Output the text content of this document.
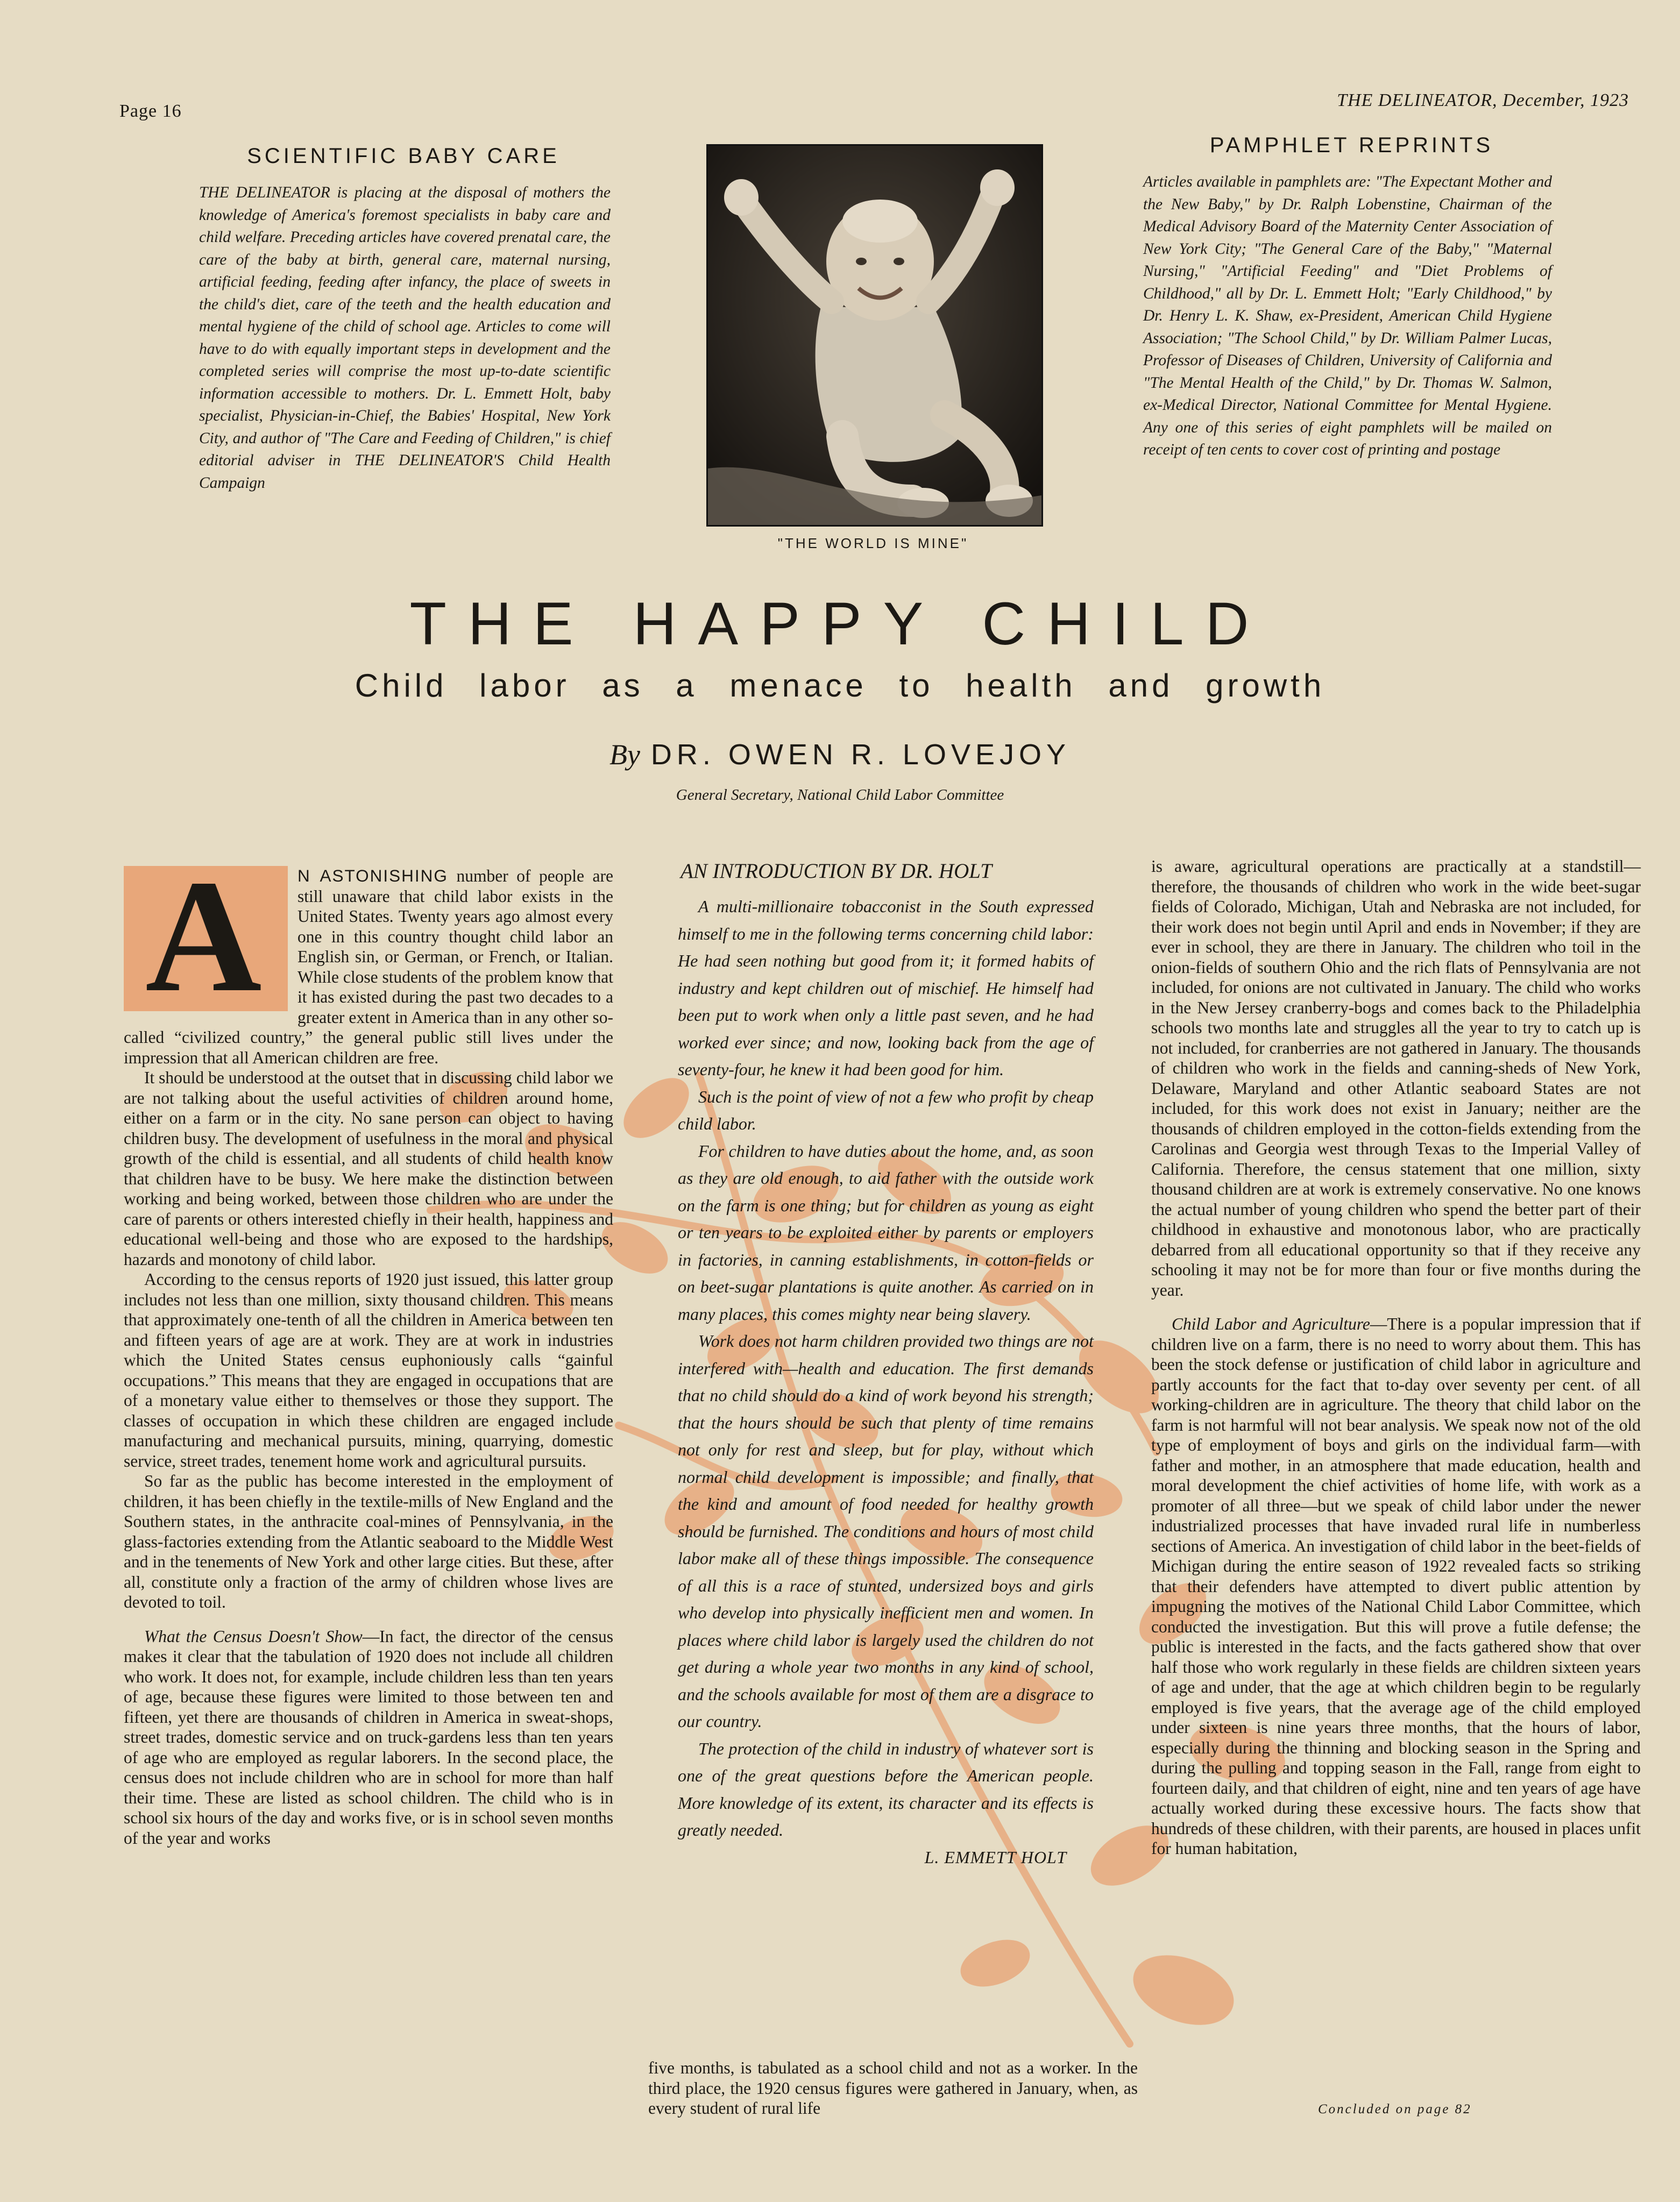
Page 16
THE DELINEATOR, December, 1923
SCIENTIFIC BABY CARE
THE DELINEATOR is placing at the disposal of mothers the knowledge of America's foremost specialists in baby care and child welfare. Preceding articles have covered prenatal care, the care of the baby at birth, general care, maternal nursing, artificial feeding, feeding after infancy, the place of sweets in the child's diet, care of the teeth and the health education and mental hygiene of the child of school age. Articles to come will have to do with equally important steps in development and the completed series will comprise the most up-to-date scientific information accessible to mothers. Dr. L. Emmett Holt, baby specialist, Physician-in-Chief, the Babies' Hospital, New York City, and author of "The Care and Feeding of Children," is chief editorial adviser in THE DELINEATOR'S Child Health Campaign
"THE WORLD IS MINE"
PAMPHLET REPRINTS
Articles available in pamphlets are: "The Expectant Mother and the New Baby," by Dr. Ralph Lobenstine, Chairman of the Medical Advisory Board of the Maternity Center Association of New York City; "The General Care of the Baby," "Maternal Nursing," "Artificial Feeding" and "Diet Problems of Childhood," all by Dr. L. Emmett Holt; "Early Childhood," by Dr. Henry L. K. Shaw, ex-President, American Child Hygiene Association; "The School Child," by Dr. William Palmer Lucas, Professor of Diseases of Children, University of California and "The Mental Health of the Child," by Dr. Thomas W. Salmon, ex-Medical Director, National Committee for Mental Hygiene. Any one of this series of eight pamphlets will be mailed on receipt of ten cents to cover cost of printing and postage
THE HAPPY CHILD
Child labor as a menace to health and growth
By DR. OWEN R. LOVEJOY
General Secretary, National Child Labor Committee
A	N ASTONISHING number of people are still unaware that child labor exists in the United States. Twenty years ago almost every one in this country thought child labor an English sin, or German, or French, or Italian. While close students of the problem know that it has existed during the past two decades to a greater extent in America than in any other so-called “civilized country,” the general public still lives under the impression that all American children are free.

It should be understood at the outset that in discussing child labor we are not talking about the useful activities of children around home, either on a farm or in the city. No sane person can object to having children busy. The development of usefulness in the moral and physical growth of the child is essential, and all students of child health know that children have to be busy. We here make the distinction between working and being worked, between those children who are under the care of parents or others interested chiefly in their health, happiness and educational well-being and those who are exposed to the hardships, hazards and monotony of child labor.

According to the census reports of 1920 just issued, this latter group includes not less than one million, sixty thousand children. This means that approximately one-tenth of all the children in America between ten and fifteen years of age are at work. They are at work in industries which the United States census euphoniously calls “gainful occupations.” This means that they are engaged in occupations that are of a monetary value either to themselves or those they support. The classes of occupation in which these children are engaged include manufacturing and mechanical pursuits, mining, quarrying, domestic service, street trades, tenement home work and agricultural pursuits.

So far as the public has become interested in the employment of children, it has been chiefly in the textile-mills of New England and the Southern states, in the anthracite coal-mines of Pennsylvania, in the glass-factories extending from the Atlantic seaboard to the Middle West and in the tenements of New York and other large cities. But these, after all, constitute only a fraction of the army of children whose lives are devoted to toil.

What the Census Doesn't Show—In fact, the director of the census makes it clear that the tabulation of 1920 does not include all children who work. It does not, for example, include children less than ten years of age, because these figures were limited to those between ten and fifteen, yet there are thousands of children in America in sweat-shops, street trades, domestic service and on truck-gardens less than ten years of age who are employed as regular laborers. In the second place, the census does not include children who are in school for more than half their time. These are listed as school children. The child who is in school six hours of the day and works five, or is in school seven months of the year and works

AN INTRODUCTION BY DR. HOLT

A multi-millionaire tobacconist in the South expressed himself to me in the following terms concerning child labor: He had seen nothing but good from it; it formed habits of industry and kept children out of mischief. He himself had been put to work when only a little past seven, and he had worked ever since; and now, looking back from the age of seventy-four, he knew it had been good for him.

Such is the point of view of not a few who profit by cheap child labor.

For children to have duties about the home, and, as soon as they are old enough, to aid father with the outside work on the farm is one thing; but for children as young as eight or ten years to be exploited either by parents or employers in factories, in canning establishments, in cotton-fields or on beet-sugar plantations is quite another. As carried on in many places, this comes mighty near being slavery.

Work does not harm children provided two things are not interfered with—health and education. The first demands that no child should do a kind of work beyond his strength; that the hours should be such that plenty of time remains not only for rest and sleep, but for play, without which normal child development is impossible; and finally, that the kind and amount of food needed for healthy growth should be furnished. The conditions and hours of most child labor make all of these things impossible. The consequence of all this is a race of stunted, undersized boys and girls who develop into physically inefficient men and women. In places where child labor is largely used the children do not get during a whole year two months in any kind of school, and the schools available for most of them are a disgrace to our country.

The protection of the child in industry of whatever sort is one of the great questions before the American people. More knowledge of its extent, its character and its effects is greatly needed.

L. EMMETT HOLT
five months, is tabulated as a school child and not as a worker. In the third place, the 1920 census figures were gathered in January, when, as every student of rural life

is aware, agricultural operations are practically at a standstill—therefore, the thousands of children who work in the wide beet-sugar fields of Colorado, Michigan, Utah and Nebraska are not included, for their work does not begin until April and ends in November; if they are ever in school, they are there in January. The children who toil in the onion-fields of southern Ohio and the rich flats of Pennsylvania are not included, for onions are not cultivated in January. The child who works in the New Jersey cranberry-bogs and comes back to the Philadelphia schools two months late and struggles all the year to try to catch up is not included, for cranberries are not gathered in January. The thousands of children who work in the fields and canning-sheds of New York, Delaware, Maryland and other Atlantic seaboard States are not included, for this work does not exist in January; neither are the thousands of children employed in the cotton-fields extending from the Carolinas and Georgia west through Texas to the Imperial Valley of California. Therefore, the census statement that one million, sixty thousand children are at work is extremely conservative. No one knows the actual number of young children who spend the better part of their childhood in exhaustive and monotonous labor, who are practically debarred from all educational opportunity so that if they receive any schooling it may not be for more than four or five months during the year.

Child Labor and Agriculture—There is a popular impression that if children live on a farm, there is no need to worry about them. This has been the stock defense or justification of child labor in agriculture and partly accounts for the fact that to-day over seventy per cent. of all working-children are in agriculture. The theory that child labor on the farm is not harmful will not bear analysis. We speak now not of the old type of employment of boys and girls on the individual farm—with father and mother, in an atmosphere that made education, health and moral development the chief activities of home life, with work as a promoter of all three—but we speak of child labor under the newer industrialized processes that have invaded rural life in numberless sections of America. An investigation of child labor in the beet-fields of Michigan during the entire season of 1922 revealed facts so striking that their defenders have attempted to divert public attention by impugning the motives of the National Child Labor Committee, which conducted the investigation. But this will prove a futile defense; the public is interested in the facts, and the facts gathered show that over half those who work regularly in these fields are children sixteen years of age and under, that the age at which children begin to be regularly employed is five years, that the average age of the child employed under sixteen is nine years three months, that the hours of labor, especially during the thinning and blocking season in the Spring and during the pulling and topping season in the Fall, range from eight to fourteen daily, and that children of eight, nine and ten years of age have actually worked during these excessive hours. The facts show that hundreds of these children, with their parents, are housed in places unfit for human habitation,

Concluded on page 82
